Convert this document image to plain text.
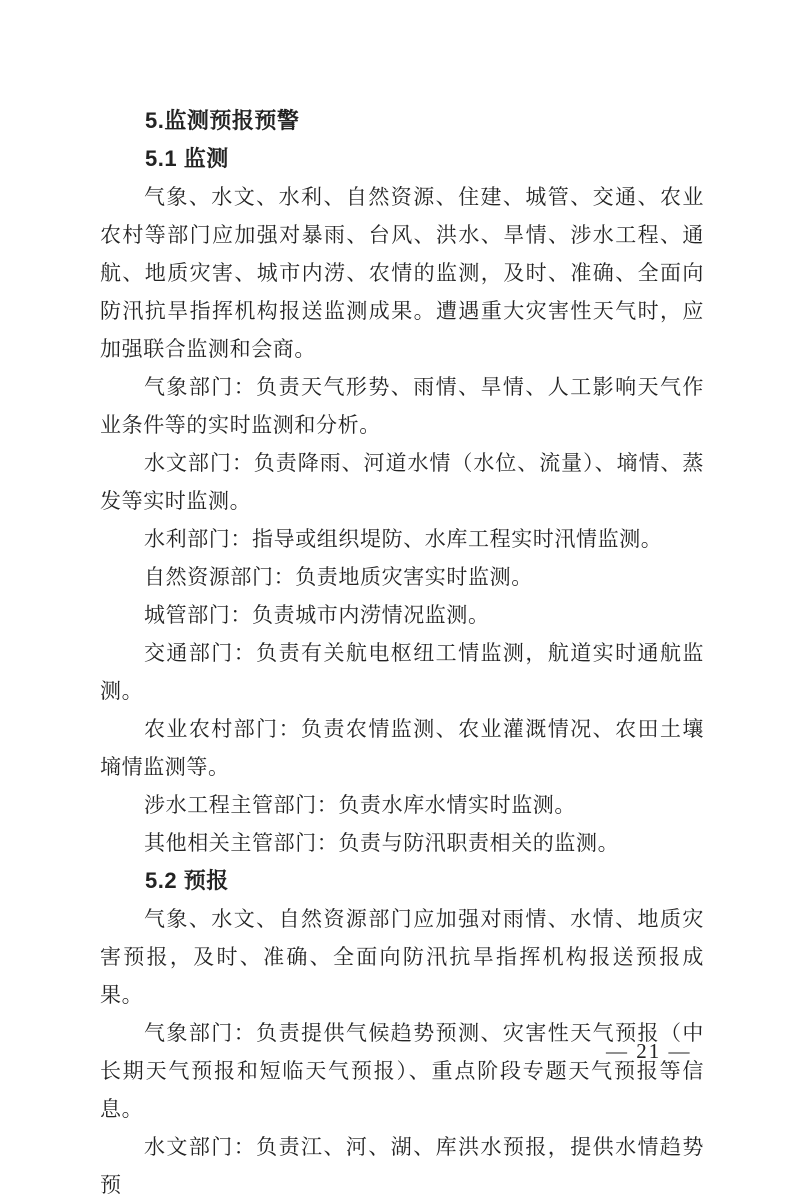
5.监测预报预警
5.1 监测
气象、水文、水利、自然资源、住建、城管、交通、农业农村等部门应加强对暴雨、台风、洪水、旱情、涉水工程、通航、地质灾害、城市内涝、农情的监测，及时、准确、全面向防汛抗旱指挥机构报送监测成果。遭遇重大灾害性天气时，应加强联合监测和会商。
气象部门：负责天气形势、雨情、旱情、人工影响天气作业条件等的实时监测和分析。
水文部门：负责降雨、河道水情（水位、流量）、墒情、蒸发等实时监测。
水利部门：指导或组织堤防、水库工程实时汛情监测。
自然资源部门：负责地质灾害实时监测。
城管部门：负责城市内涝情况监测。
交通部门：负责有关航电枢纽工情监测，航道实时通航监测。
农业农村部门：负责农情监测、农业灌溉情况、农田土壤墒情监测等。
涉水工程主管部门：负责水库水情实时监测。
其他相关主管部门：负责与防汛职责相关的监测。
5.2 预报
气象、水文、自然资源部门应加强对雨情、水情、地质灾害预报，及时、准确、全面向防汛抗旱指挥机构报送预报成果。
气象部门：负责提供气候趋势预测、灾害性天气预报（中长期天气预报和短临天气预报）、重点阶段专题天气预报等信息。
水文部门：负责江、河、湖、库洪水预报，提供水情趋势预
— 21 —
